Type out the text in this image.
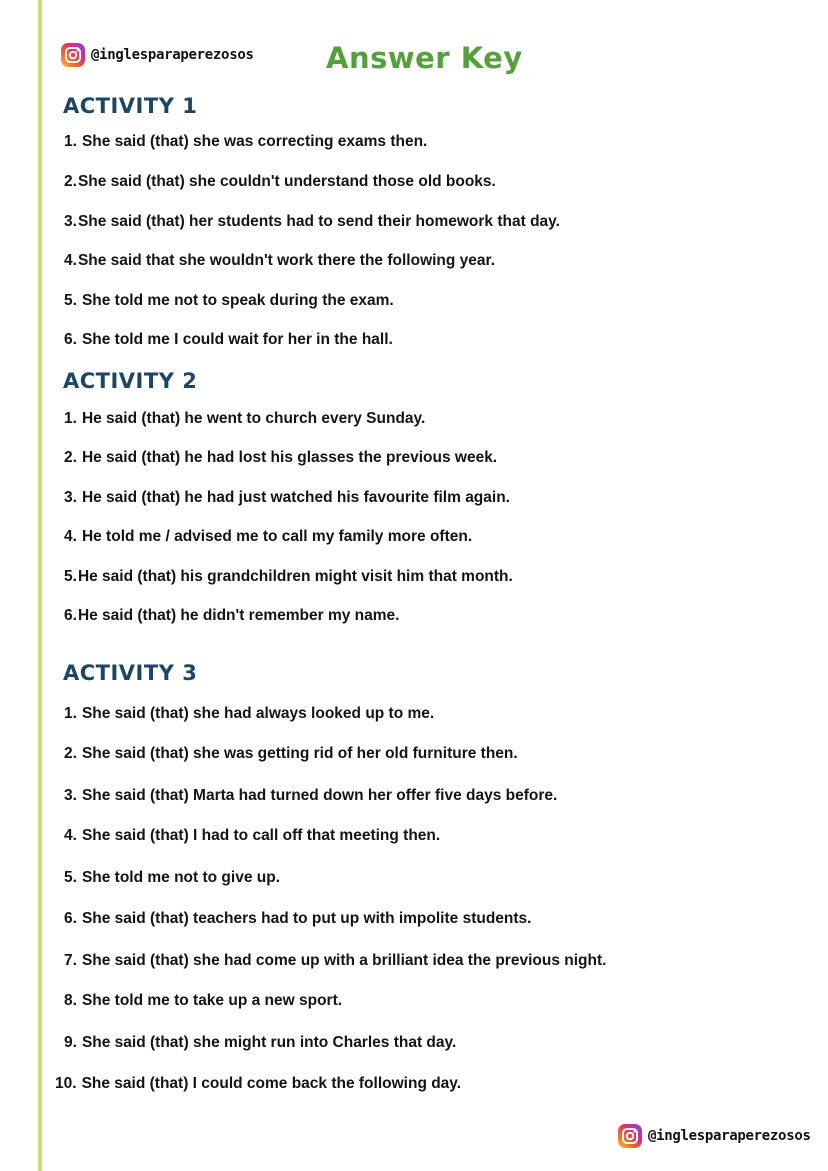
@inglesparaperezosos Answer Key
ACTIVITY 1
1. She said (that) she was correcting exams then.
2.She said (that) she couldn't understand those old books.
3.She said (that) her students had to send their homework that day.
4.She said that she wouldn't work there the following year.
5. She told me not to speak during the exam.
6. She told me I could wait for her in the hall.
ACTIVITY 2
1. He said (that) he went to church every Sunday.
2. He said (that) he had lost his glasses the previous week.
3. He said (that) he had just watched his favourite film again.
4. He told me / advised me to call my family more often.
5.He said (that) his grandchildren might visit him that month.
6.He said (that) he didn't remember my name.
ACTIVITY 3
1. She said (that) she had always looked up to me.
2. She said (that) she was getting rid of her old furniture then.
3. She said (that) Marta had turned down her offer five days before.
4. She said (that) I had to call off that meeting then.
5. She told me not to give up.
6. She said (that) teachers had to put up with impolite students.
7. She said (that) she had come up with a brilliant idea the previous night.
8. She told me to take up a new sport.
9. She said (that) she might run into Charles that day.
10. She said (that) I could come back the following day.
@inglesparaperezosos
